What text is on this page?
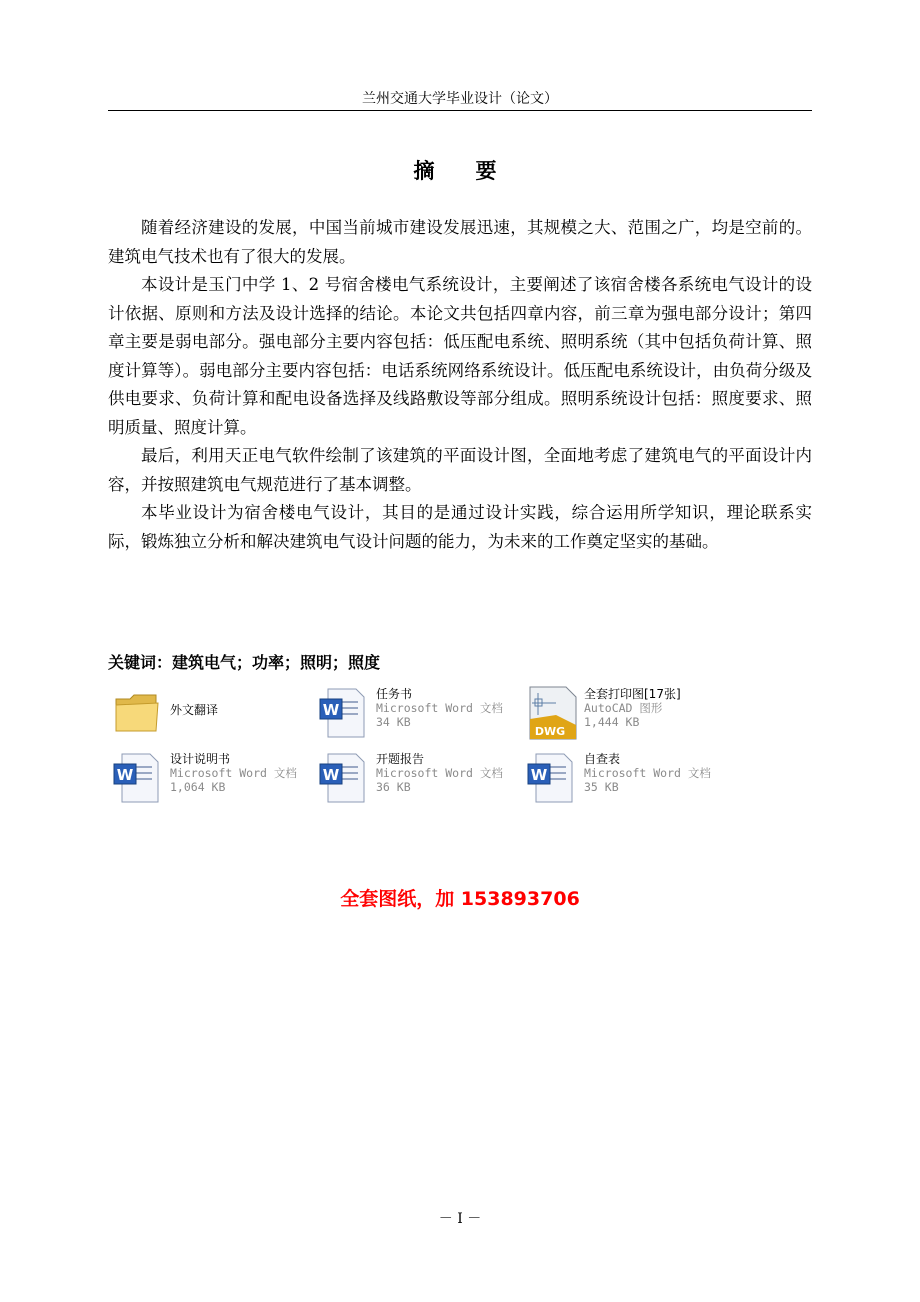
兰州交通大学毕业设计（论文）
摘　要

随着经济建设的发展，中国当前城市建设发展迅速，其规模之大、范围之广，均是空前的。建筑电气技术也有了很大的发展。

本设计是玉门中学 1、2 号宿舍楼电气系统设计，主要阐述了该宿舍楼各系统电气设计的设计依据、原则和方法及设计选择的结论。本论文共包括四章内容，前三章为强电部分设计；第四章主要是弱电部分。强电部分主要内容包括：低压配电系统、照明系统（其中包括负荷计算、照度计算等）。弱电部分主要内容包括：电话系统网络系统设计。低压配电系统设计，由负荷分级及供电要求、负荷计算和配电设备选择及线路敷设等部分组成。照明系统设计包括：照度要求、照明质量、照度计算。

最后，利用天正电气软件绘制了该建筑的平面设计图，全面地考虑了建筑电气的平面设计内容，并按照建筑电气规范进行了基本调整。

本毕业设计为宿舍楼电气设计，其目的是通过设计实践，综合运用所学知识，理论联系实际，锻炼独立分析和解决建筑电气设计问题的能力，为未来的工作奠定坚实的基础。

关键词：建筑电气；功率；照明；照度
外文翻译	W
任务书
Microsoft Word 文档
34 KB
DWG
全套打印图[17张]
AutoCAD 图形
1,444 KB
W
设计说明书
Microsoft Word 文档
1,064 KB
W
开题报告
Microsoft Word 文档
36 KB
W
自查表
Microsoft Word 文档
35 KB
全套图纸，加 153893706
－ I －
